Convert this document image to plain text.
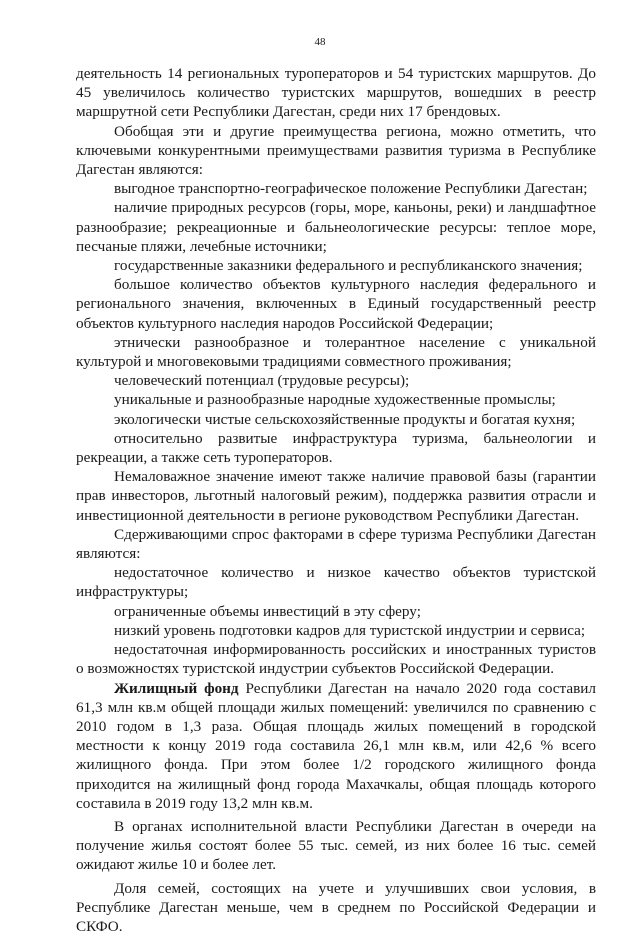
48

деятельность 14 региональных туроператоров и 54 туристских маршрутов. До 45 увеличилось количество туристских маршрутов, вошедших в реестр маршрутной сети Республики Дагестан, среди них 17 брендовых.

Обобщая эти и другие преимущества региона, можно отметить, что ключевыми конкурентными преимуществами развития туризма в Республике Дагестан являются:

выгодное транспортно-географическое положение Республики Дагестан;

наличие природных ресурсов (горы, море, каньоны, реки) и ландшафтное разнообразие; рекреационные и бальнеологические ресурсы: теплое море, песчаные пляжи, лечебные источники;

государственные заказники федерального и республиканского значения;

большое количество объектов культурного наследия федерального и регионального значения, включенных в Единый государственный реестр объектов культурного наследия народов Российской Федерации;

этнически разнообразное и толерантное население с уникальной культурой и многовековыми традициями совместного проживания;

человеческий потенциал (трудовые ресурсы);

уникальные и разнообразные народные художественные промыслы;

экологически чистые сельскохозяйственные продукты и богатая кухня;

относительно развитые инфраструктура туризма, бальнеологии и рекреации, а также сеть туроператоров.

Немаловажное значение имеют также наличие правовой базы (гарантии прав инвесторов, льготный налоговый режим), поддержка развития отрасли и инвестиционной деятельности в регионе руководством Республики Дагестан.

Сдерживающими спрос факторами в сфере туризма Республики Дагестан являются:

недостаточное количество и низкое качество объектов туристской инфраструктуры;

ограниченные объемы инвестиций в эту сферу;

низкий уровень подготовки кадров для туристской индустрии и сервиса;

недостаточная информированность российских и иностранных туристов о возможностях туристской индустрии субъектов Российской Федерации.

Жилищный фонд Республики Дагестан на начало 2020 года составил 61,3 млн кв.м общей площади жилых помещений: увеличился по сравнению с 2010 годом в 1,3 раза. Общая площадь жилых помещений в городской местности к концу 2019 года составила 26,1 млн кв.м, или 42,6 % всего жилищного фонда. При этом более 1/2 городского жилищного фонда приходится на жилищный фонд города Махачкалы, общая площадь которого составила в 2019 году 13,2 млн кв.м.

В органах исполнительной власти Республики Дагестан в очереди на получение жилья состоят более 55 тыс. семей, из них более 16 тыс. семей ожидают жилье 10 и более лет.

Доля семей, состоящих на учете и улучшивших свои условия, в Республике Дагестан меньше, чем в среднем по Российской Федерации и СКФО.
